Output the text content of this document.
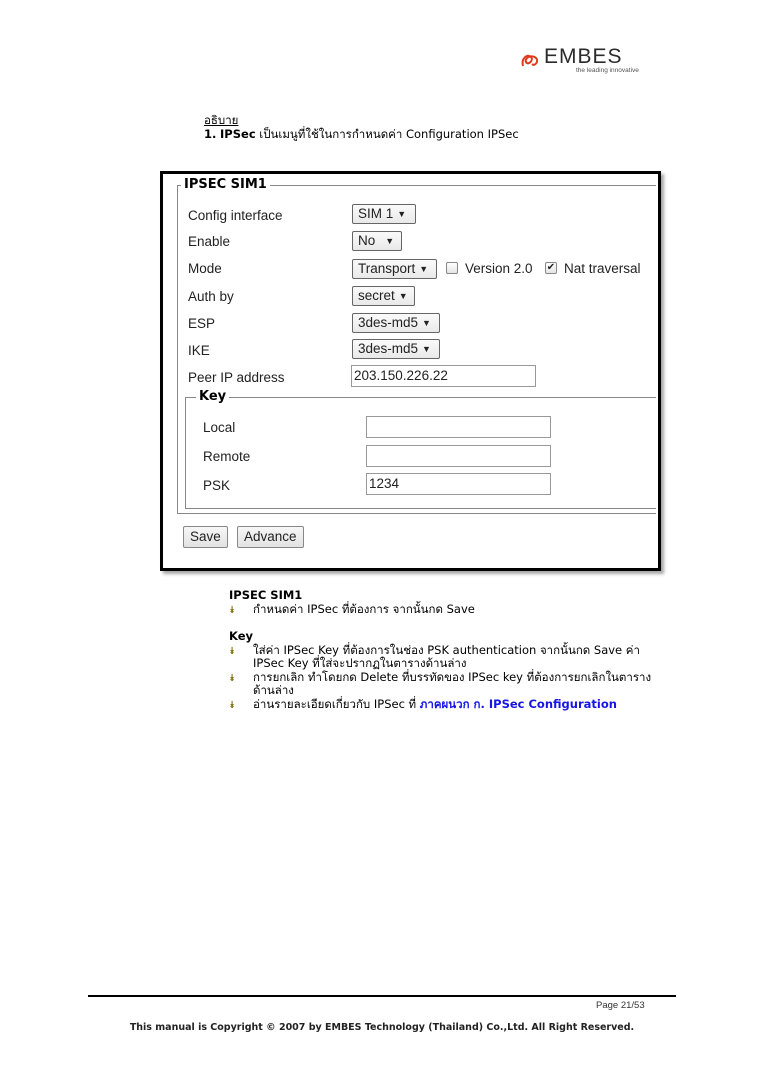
EMBES
the leading innovative
อธิบาย
1. IPSec เป็นเมนูที่ใช้ในการกำหนดค่า Configuration IPSec
IPSEC SIM1
Config interface	SIM 1 ▼
Enable	No ▼
Mode	Transport ▼	Version 2.0 ✔ Nat traversal
Auth by	secret ▼
ESP	3des-md5 ▼
IKE	3des-md5 ▼
Peer IP address	203.150.226.22
Key
Local
Remote
PSK	1234
Save	Advance
IPSEC SIM1
⯯ กำหนดค่า IPSec ที่ต้องการ จากนั้นกด Save
Key
⯯ ใส่ค่า IPSec Key ที่ต้องการในช่อง PSK authentication จากนั้นกด Save ค่า IPSec Key ที่ใส่จะปรากฏในตารางด้านล่าง
⯯ การยกเลิก ทำโดยกด Delete ที่บรรทัดของ IPSec key ที่ต้องการยกเลิกในตาราง ด้านล่าง
⯯ อ่านรายละเอียดเกี่ยวกับ IPSec ที่ ภาคผนวก ก. IPSec Configuration
Page 21/53
This manual is Copyright © 2007 by EMBES Technology (Thailand) Co.,Ltd. All Right Reserved.
